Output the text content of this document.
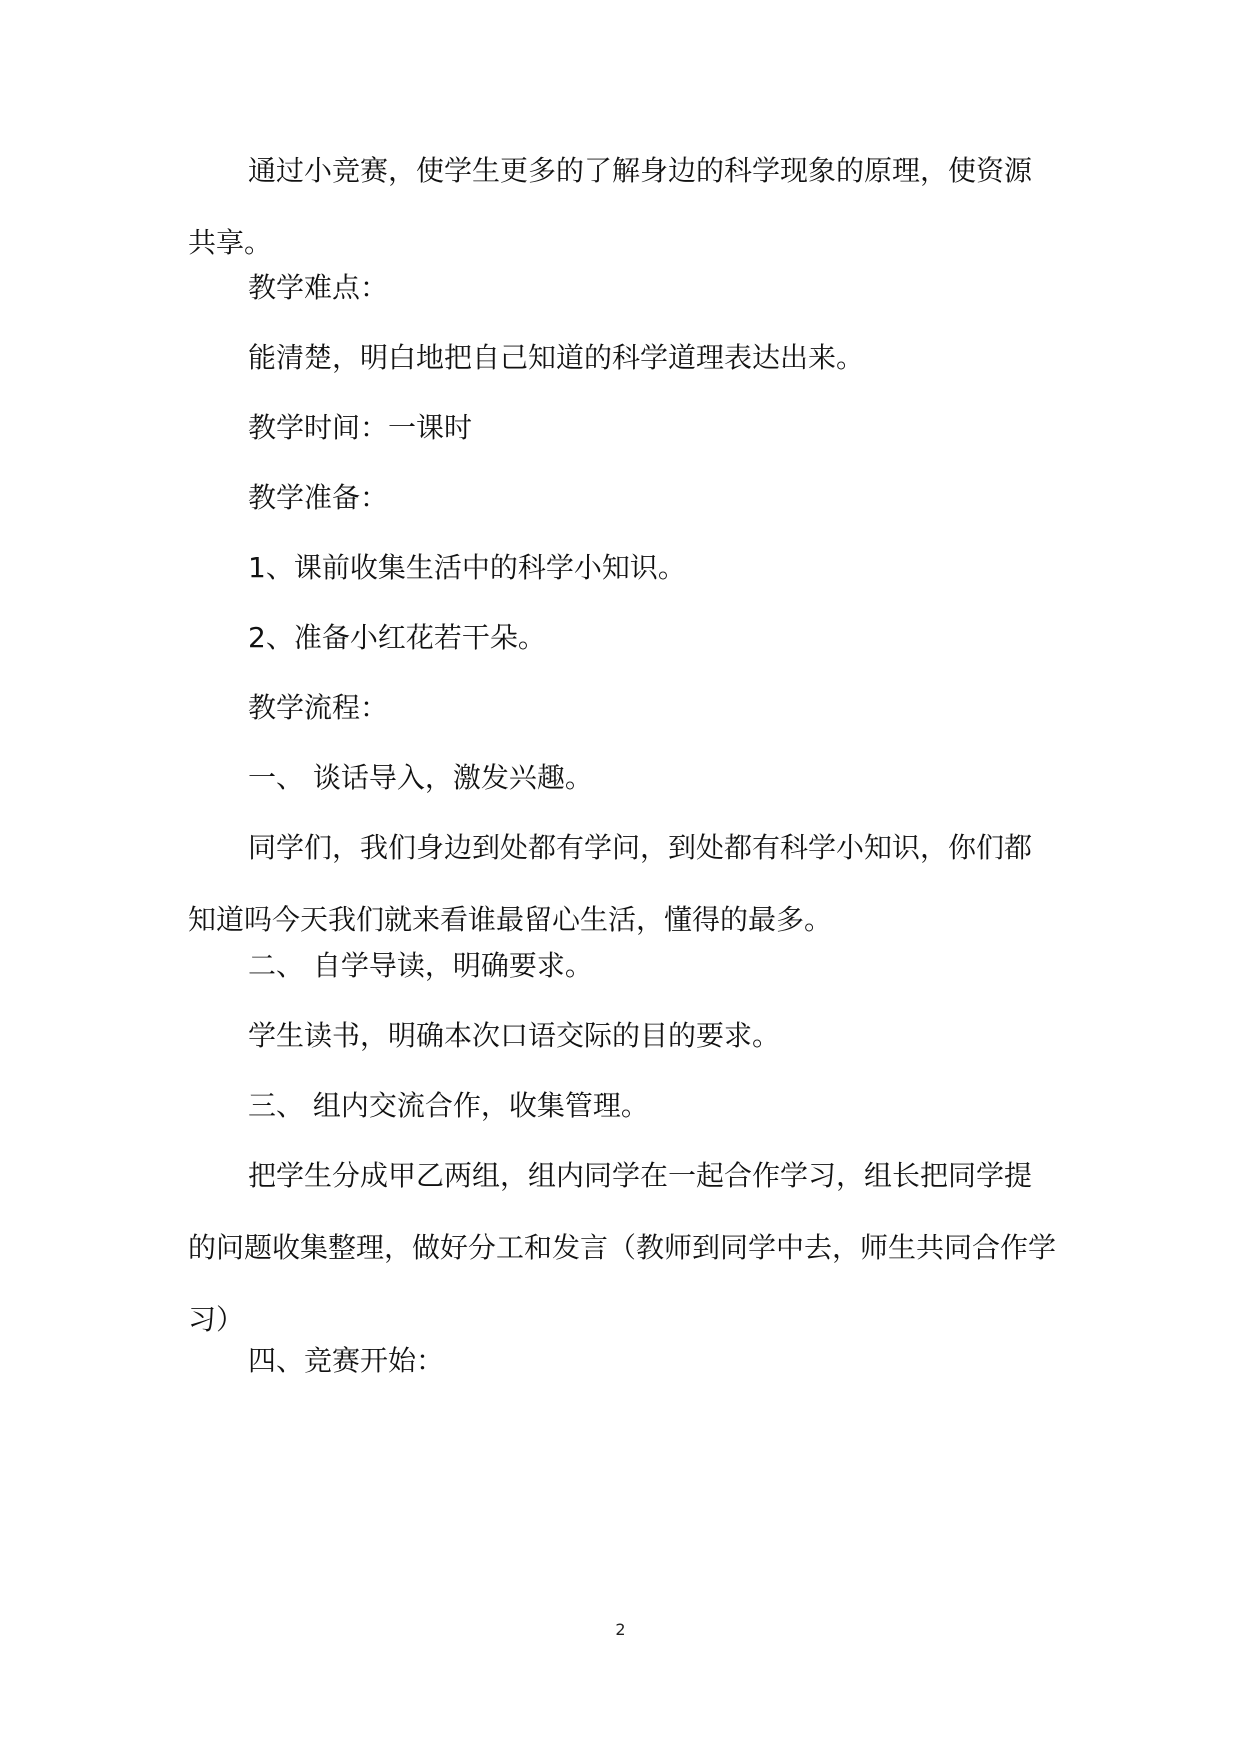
通过小竞赛，使学生更多的了解身边的科学现象的原理，使资源共享。

教学难点：

能清楚，明白地把自己知道的科学道理表达出来。

教学时间：一课时

教学准备：

1、课前收集生活中的科学小知识。

2、准备小红花若干朵。

教学流程：

一、 谈话导入，激发兴趣。

同学们，我们身边到处都有学问，到处都有科学小知识，你们都知道吗今天我们就来看谁最留心生活，懂得的最多。

二、 自学导读，明确要求。

学生读书，明确本次口语交际的目的要求。

三、 组内交流合作，收集管理。

把学生分成甲乙两组，组内同学在一起合作学习，组长把同学提的问题收集整理，做好分工和发言（教师到同学中去，师生共同合作学习）

四、竞赛开始：

2
